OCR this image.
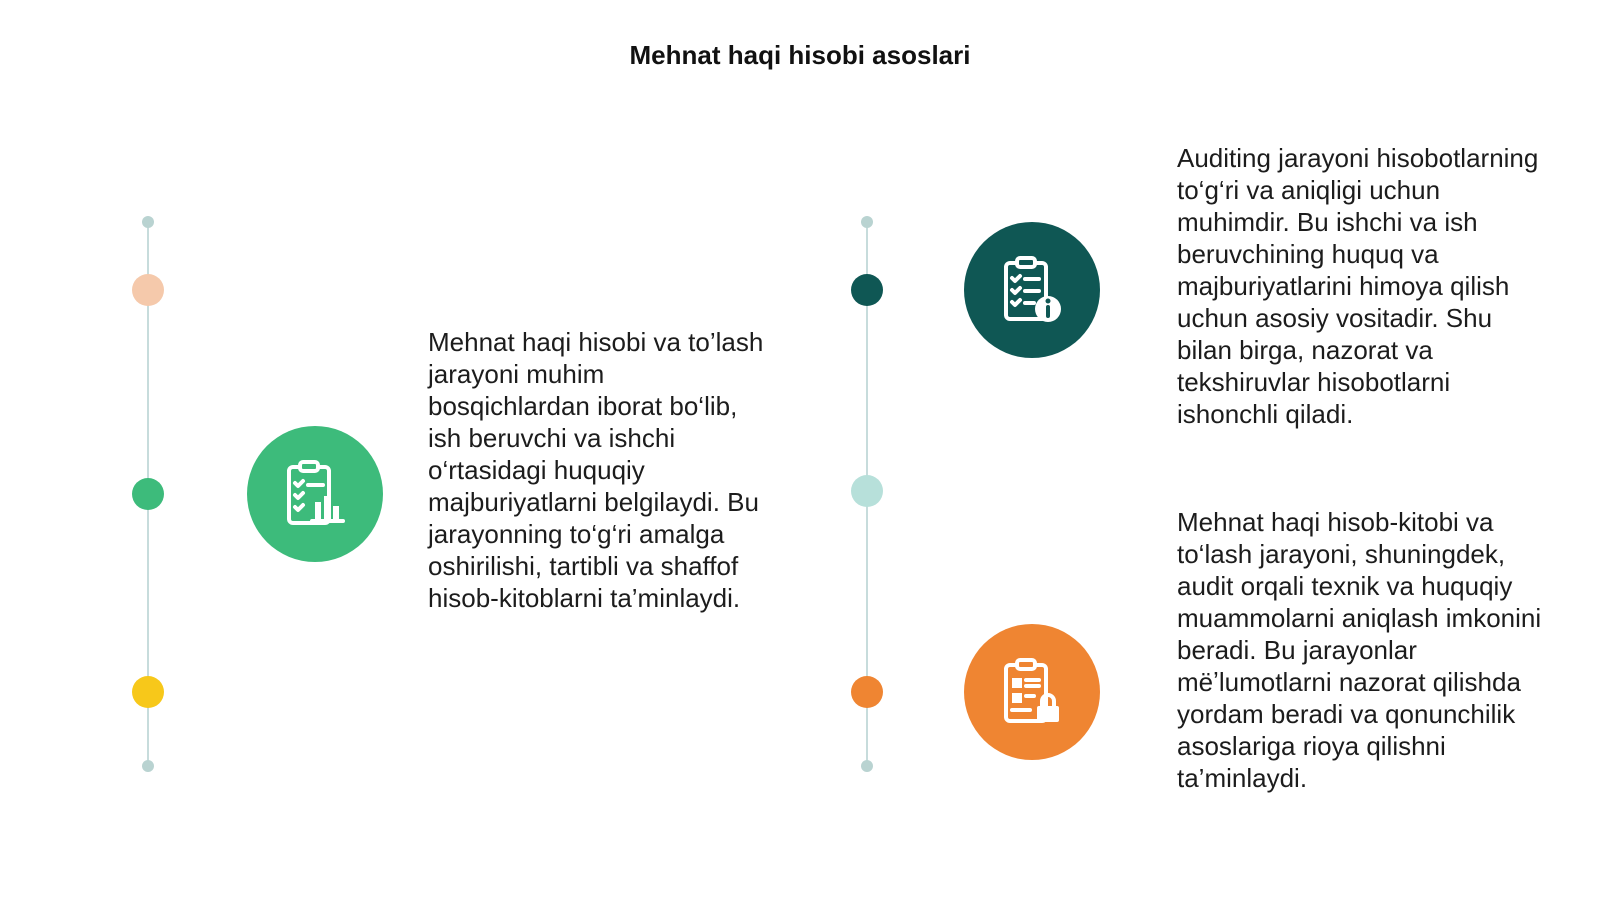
Mehnat haqi hisobi asoslari

Mehnat haqi hisobi va to’lash jarayoni muhim bosqichlardan iborat bo‘lib, ish beruvchi va ishchi o‘rtasidagi huquqiy majburiyatlarni belgilaydi. Bu jarayonning to‘g‘ri amalga oshirilishi, tartibli va shaffof hisob-kitoblarni ta’minlaydi.

Auditing jarayoni hisobotlarning to‘g‘ri va aniqligi uchun muhimdir. Bu ishchi va ish beruvchining huquq va majburiyatlarini himoya qilish uchun asosiy vositadir. Shu bilan birga, nazorat va tekshiruvlar hisobotlarni ishonchli qiladi.

Mehnat haqi hisob-kitobi va to‘lash jarayoni, shuningdek, audit orqali texnik va huquqiy muammolarni aniqlash imkonini beradi. Bu jarayonlar mёʼlumotlarni nazorat qilishda yordam beradi va qonunchilik asoslariga rioya qilishni ta’minlaydi.
